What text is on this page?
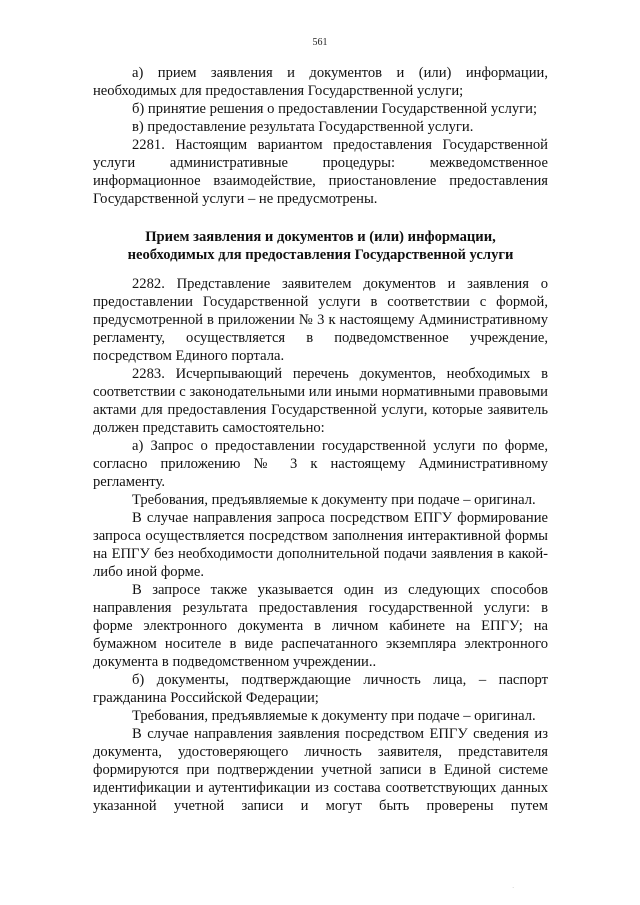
561

а) прием заявления и документов и (или) информации, необходимых для предоставления Государственной услуги;

б) принятие решения о предоставлении Государственной услуги;

в) предоставление результата Государственной услуги.

2281. Настоящим вариантом предоставления Государственной услуги административные процедуры: межведомственное информационное взаимодействие, приостановление предоставления Государственной услуги – не предусмотрены.

Прием заявления и документов и (или) информации,
необходимых для предоставления Государственной услуги

2282. Представление заявителем документов и заявления о предоставлении Государственной услуги в соответствии с формой, предусмотренной в приложении № 3 к настоящему Административному регламенту, осуществляется в подведомственное учреждение, посредством Единого портала.

2283. Исчерпывающий перечень документов, необходимых в соответствии с законодательными или иными нормативными правовыми актами для предоставления Государственной услуги, которые заявитель должен представить самостоятельно:

а) Запрос о предоставлении государственной услуги по форме, согласно приложению № 3 к настоящему Административному регламенту.

Требования, предъявляемые к документу при подаче – оригинал.

В случае направления запроса посредством ЕПГУ формирование запроса осуществляется посредством заполнения интерактивной формы на ЕПГУ без необходимости дополнительной подачи заявления в какой-либо иной форме.

В запросе также указывается один из следующих способов направления результата предоставления государственной услуги: в форме электронного документа в личном кабинете на ЕПГУ; на бумажном носителе в виде распечатанного экземпляра электронного документа в подведомственном учреждении..

б) документы, подтверждающие личность лица, – паспорт гражданина Российской Федерации;

Требования, предъявляемые к документу при подаче – оригинал.

В случае направления заявления посредством ЕПГУ сведения из документа, удостоверяющего личность заявителя, представителя формируются при подтверждении учетной записи в Единой системе идентификации и аутентификации из состава соответствующих данных указанной учетной записи и могут быть проверены путем

·
